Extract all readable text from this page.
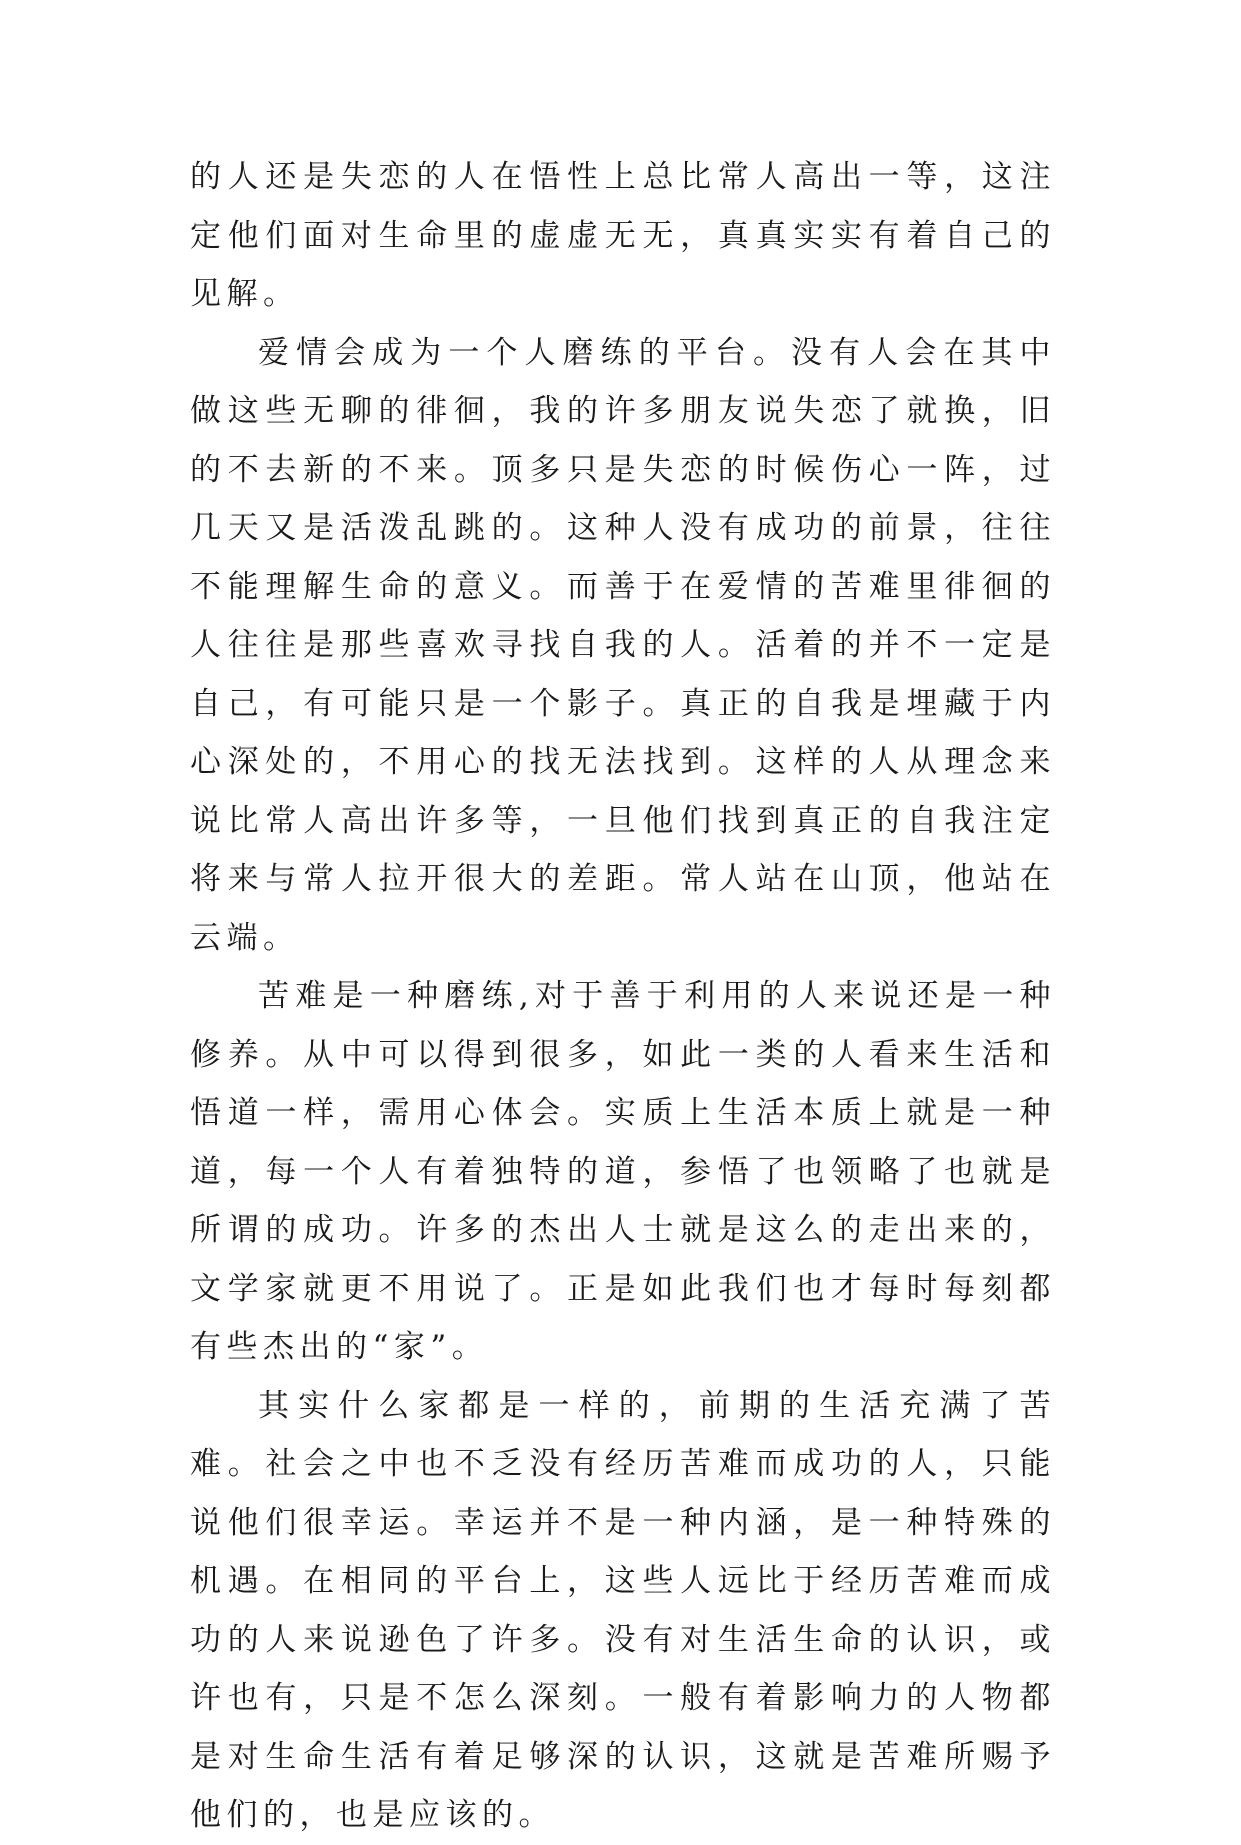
的人还是失恋的人在悟性上总比常人高出一等，这注定他们面对生命里的虚虚无无，真真实实有着自己的见解。

爱情会成为一个人磨练的平台。没有人会在其中做这些无聊的徘徊，我的许多朋友说失恋了就换，旧的不去新的不来。顶多只是失恋的时候伤心一阵，过几天又是活泼乱跳的。这种人没有成功的前景，往往不能理解生命的意义。而善于在爱情的苦难里徘徊的人往往是那些喜欢寻找自我的人。活着的并不一定是自己，有可能只是一个影子。真正的自我是埋藏于内心深处的，不用心的找无法找到。这样的人从理念来说比常人高出许多等，一旦他们找到真正的自我注定将来与常人拉开很大的差距。常人站在山顶，他站在云端。

苦难是一种磨练,对于善于利用的人来说还是一种修养。从中可以得到很多，如此一类的人看来生活和悟道一样，需用心体会。实质上生活本质上就是一种道，每一个人有着独特的道，参悟了也领略了也就是所谓的成功。许多的杰出人士就是这么的走出来的，文学家就更不用说了。正是如此我们也才每时每刻都有些杰出的“家”。

其实什么家都是一样的，前期的生活充满了苦难。社会之中也不乏没有经历苦难而成功的人，只能说他们很幸运。幸运并不是一种内涵，是一种特殊的机遇。在相同的平台上，这些人远比于经历苦难而成功的人来说逊色了许多。没有对生活生命的认识，或许也有，只是不怎么深刻。一般有着影响力的人物都是对生命生活有着足够深的认识，这就是苦难所赐予他们的，也是应该的。
